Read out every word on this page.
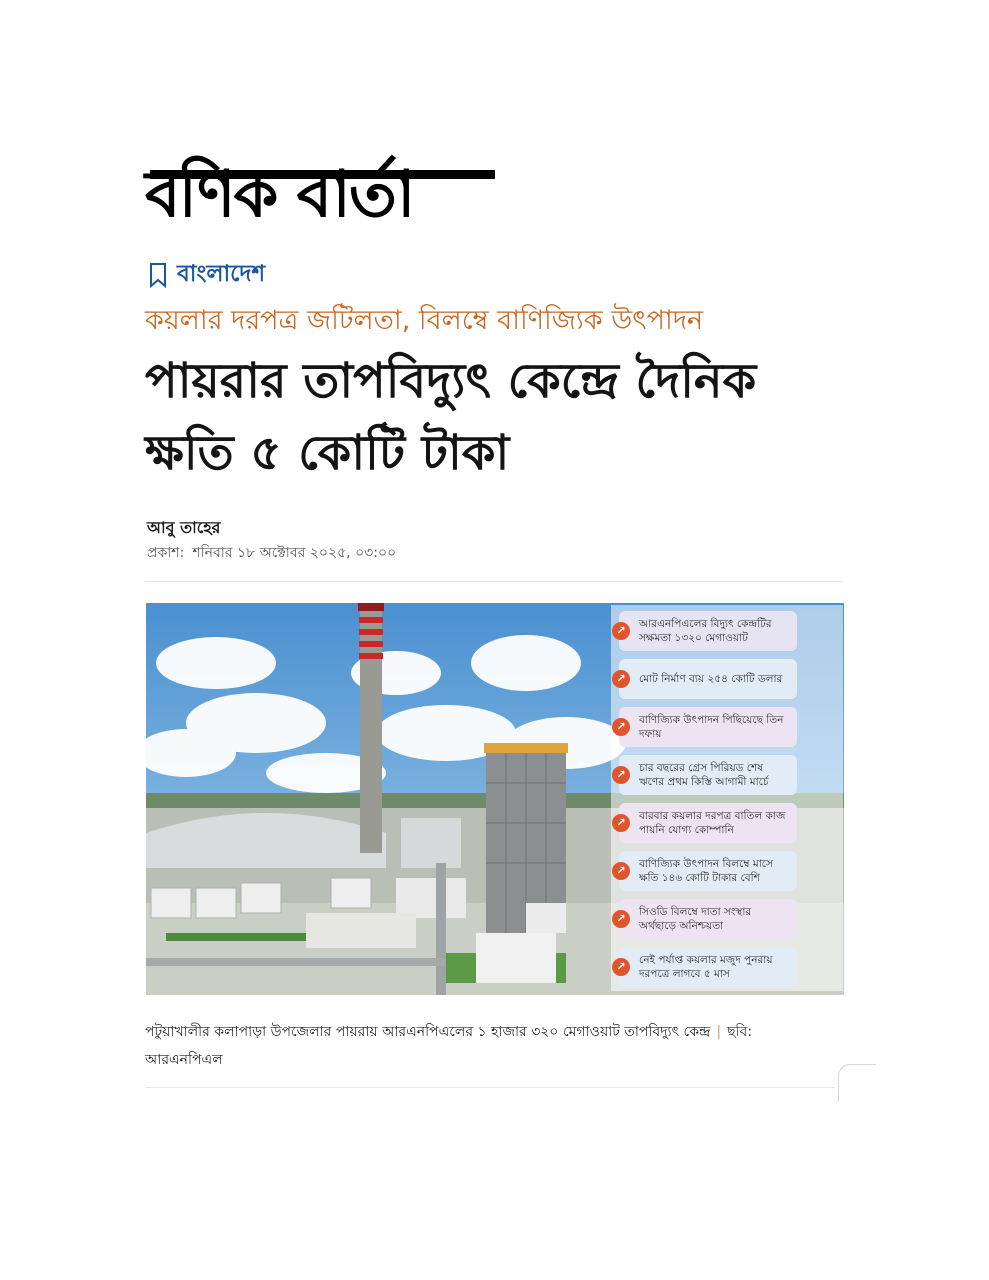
বণিক বার্তা
বাংলাদেশ
কয়লার দরপত্র জটিলতা, বিলম্বে বাণিজ্যিক উৎপাদন
পায়রার তাপবিদ্যুৎ কেন্দ্রে দৈনিক ক্ষতি ৫ কোটি টাকা
আবু তাহের
প্রকাশ: শনিবার ১৮ অক্টোবর ২০২৫, ০৩:০০
↗	আরএনপিএলের বিদ্যুৎ কেন্দ্রটির সক্ষমতা ১৩২০ মেগাওয়াট
↗	মোট নির্মাণ ব্যয় ২৫৪ কোটি ডলার
↗	বাণিজ্যিক উৎপাদন পিছিয়েছে তিন দফায়
↗	চার বছরের গ্রেস পিরিয়ড শেষ ঋণের প্রথম কিস্তি আগামী মার্চে
↗	বারবার কয়লার দরপত্র বাতিল কাজ পায়নি যোগ্য কোম্পানি
↗	বাণিজ্যিক উৎপাদন বিলম্বে মাসে ক্ষতি ১৪৬ কোটি টাকার বেশি
↗	সিওডি বিলম্বে দাতা সংস্থার অর্থছাড়ে অনিশ্চয়তা
↗	নেই পর্যাপ্ত কয়লার মজুদ পুনরায় দরপত্রে লাগবে ৫ মাস
পটুয়াখালীর কলাপাড়া উপজেলার পায়রায় আরএনপিএলের ১ হাজার ৩২০ মেগাওয়াট তাপবিদ্যুৎ কেন্দ্র | ছবি:
আরএনপিএল
